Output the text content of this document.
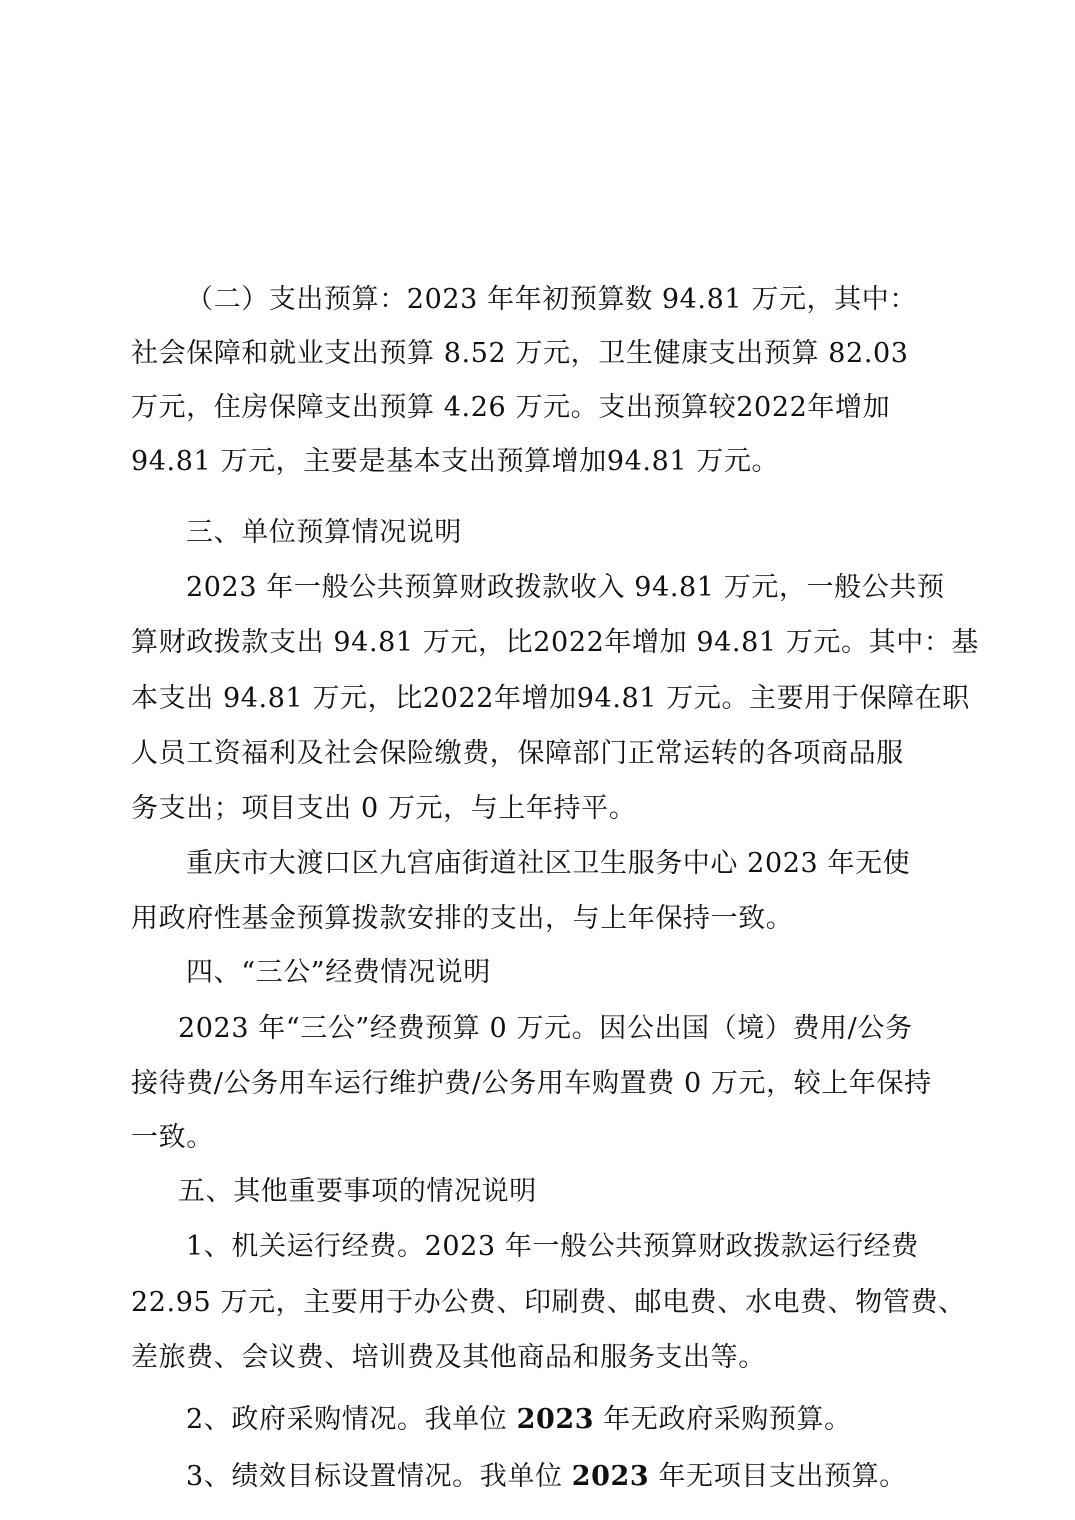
（二）支出预算：2023 年年初预算数 94.81 万元，其中：
社会保障和就业支出预算 8.52 万元，卫生健康支出预算 82.03
万元，住房保障支出预算 4.26 万元。支出预算较2022年增加
94.81 万元，主要是基本支出预算增加94.81 万元。
三、单位预算情况说明
2023 年一般公共预算财政拨款收入 94.81 万元，一般公共预
算财政拨款支出 94.81 万元，比2022年增加 94.81 万元。其中：基
本支出 94.81 万元，比2022年增加94.81 万元。主要用于保障在职
人员工资福利及社会保险缴费，保障部门正常运转的各项商品服
务支出；项目支出 0 万元，与上年持平。
重庆市大渡口区九宫庙街道社区卫生服务中心 2023 年无使
用政府性基金预算拨款安排的支出，与上年保持一致。
四、“三公”经费情况说明
2023 年“三公”经费预算 0 万元。因公出国（境）费用/公务
接待费/公务用车运行维护费/公务用车购置费 0 万元，较上年保持
一致。
五、其他重要事项的情况说明
1、机关运行经费。2023 年一般公共预算财政拨款运行经费
22.95 万元，主要用于办公费、印刷费、邮电费、水电费、物管费、
差旅费、会议费、培训费及其他商品和服务支出等。
2、政府采购情况。我单位 2023 年无政府采购预算。
3、绩效目标设置情况。我单位 2023 年无项目支出预算。
